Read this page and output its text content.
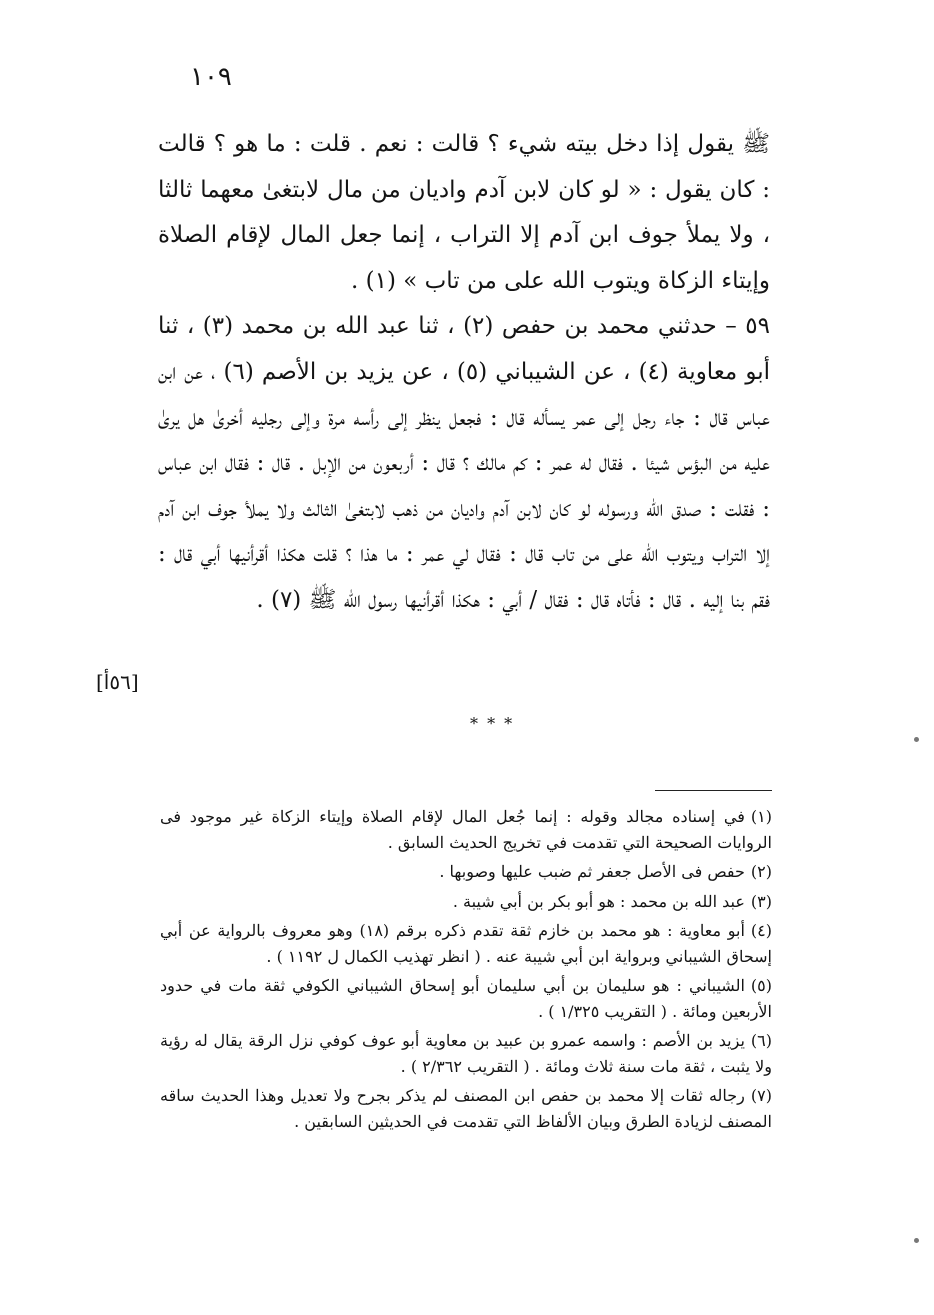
١٠٩

ﷺ يقول إذا دخل بيته شيء ؟ قالت : نعم . قلت : ما هو ؟ قالت : كان يقول : « لو كان لابن آدم واديان من مال لابتغىٰ معهما ثالثا ، ولا يملأ جوف ابن آدم إلا التراب ، إنما جعل المال لإقام الصلاة وإيتاء الزكاة ويتوب الله على من تاب » (١) .

٥٩ – حدثني محمد بن حفص (٢) ، ثنا عبد الله بن محمد (٣) ، ثنا أبو معاوية (٤) ، عن الشيباني (٥) ، عن يزيد بن الأصم (٦) ، عن ابن عباس قال : جاء رجل إلى عمر يسأله قال : فجعل ينظر إلى رأسه مرة وإلى رجليه أخرىٰ هل يرىٰ عليه من البؤس شيئا . فقال له عمر : كم مالك ؟ قال : أربعون من الإبل . قال : فقال ابن عباس : فقلت : صدق الله ورسوله لو كان لابن آدم واديان من ذهب لابتغىٰ الثالث ولا يملأ جوف ابن آدم إلا التراب ويتوب الله على من تاب قال : فقال لي عمر : ما هذا ؟ قلت هكذا أقرأنيها أبي قال : فقم بنا إليه . قال : فأتاه قال : فقال / أبي : هكذا أقرأنيها رسول الله ﷺ (٧) .

[٥٦أ]
* * *

(١)في إسناده مجالد وقوله : إنما جُعل المال لإقام الصلاة وإيتاء الزكاة غير موجود فى الروايات الصحيحة التي تقدمت في تخريج الحديث السابق .

(٢)حفص فى الأصل جعفر ثم ضبب عليها وصوبها .

(٣)عبد الله بن محمد : هو أبو بكر بن أبي شيبة .

(٤)أبو معاوية : هو محمد بن خازم ثقة تقدم ذكره برقم (١٨) وهو معروف بالرواية عن أبي إسحاق الشيباني وبرواية ابن أبي شيبة عنه . ( انظر تهذيب الكمال ل ١١٩٢ ) .

(٥)الشيباني : هو سليمان بن أبي سليمان أبو إسحاق الشيباني الكوفي ثقة مات في حدود الأربعين ومائة . ( التقريب ١/٣٢٥ ) .

(٦)يزيد بن الأصم : واسمه عمرو بن عبيد بن معاوية أبو عوف كوفي نزل الرقة يقال له رؤية ولا يثبت ، ثقة مات سنة ثلاث ومائة . ( التقريب ٢/٣٦٢ ) .

(٧)رجاله ثقات إلا محمد بن حفص ابن المصنف لم يذكر بجرح ولا تعديل وهذا الحديث ساقه المصنف لزيادة الطرق وبيان الألفاظ التي تقدمت في الحديثين السابقين .
